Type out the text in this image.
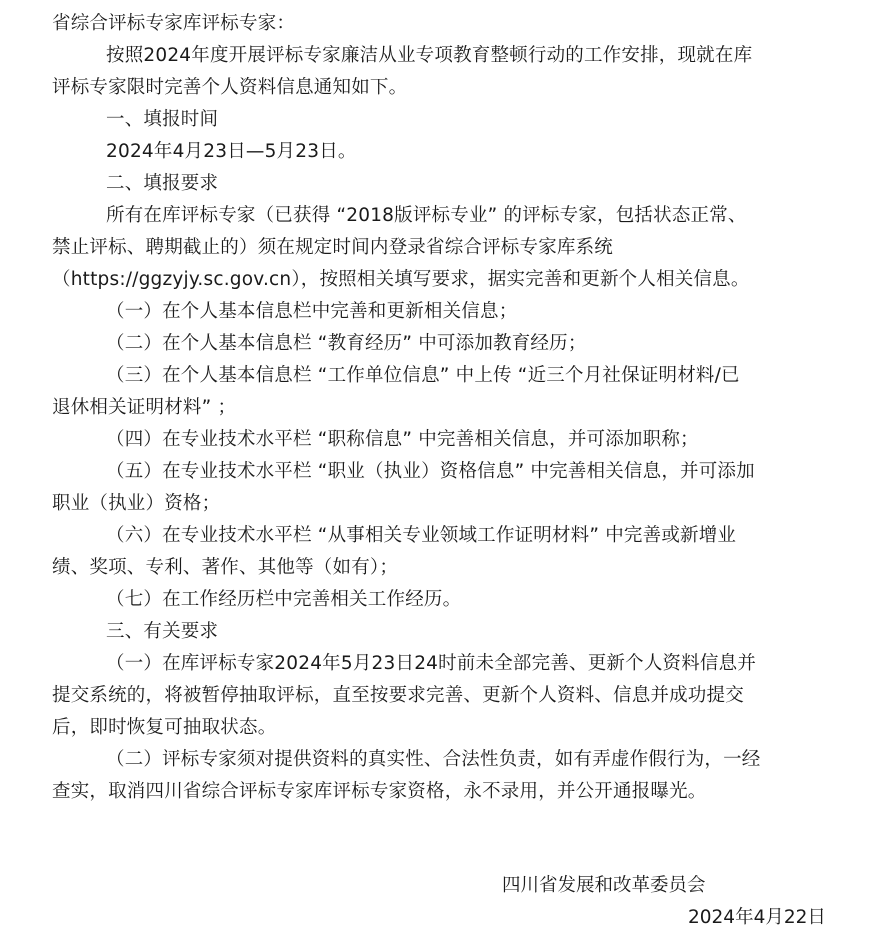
省综合评标专家库评标专家：
按照2024年度开展评标专家廉洁从业专项教育整顿行动的工作安排，现就在库
评标专家限时完善个人资料信息通知如下。
一、填报时间
2024年4月23日—5月23日。
二、填报要求
所有在库评标专家（已获得 “2018版评标专业” 的评标专家，包括状态正常、
禁止评标、聘期截止的）须在规定时间内登录省综合评标专家库系统
（https://ggzyjy.sc.gov.cn），按照相关填写要求，据实完善和更新个人相关信息。
（一）在个人基本信息栏中完善和更新相关信息；
（二）在个人基本信息栏 “教育经历” 中可添加教育经历；
（三）在个人基本信息栏 “工作单位信息” 中上传 “近三个月社保证明材料/已
退休相关证明材料” ；
（四）在专业技术水平栏 “职称信息” 中完善相关信息，并可添加职称；
（五）在专业技术水平栏 “职业（执业）资格信息” 中完善相关信息，并可添加
职业（执业）资格；
（六）在专业技术水平栏 “从事相关专业领域工作证明材料” 中完善或新增业
绩、奖项、专利、著作、其他等（如有）；
（七）在工作经历栏中完善相关工作经历。
三、有关要求
（一）在库评标专家2024年5月23日24时前未全部完善、更新个人资料信息并
提交系统的，将被暂停抽取评标，直至按要求完善、更新个人资料、信息并成功提交
后，即时恢复可抽取状态。
（二）评标专家须对提供资料的真实性、合法性负责，如有弄虚作假行为，一经
查实，取消四川省综合评标专家库评标专家资格，永不录用，并公开通报曝光。
四川省发展和改革委员会
2024年4月22日
